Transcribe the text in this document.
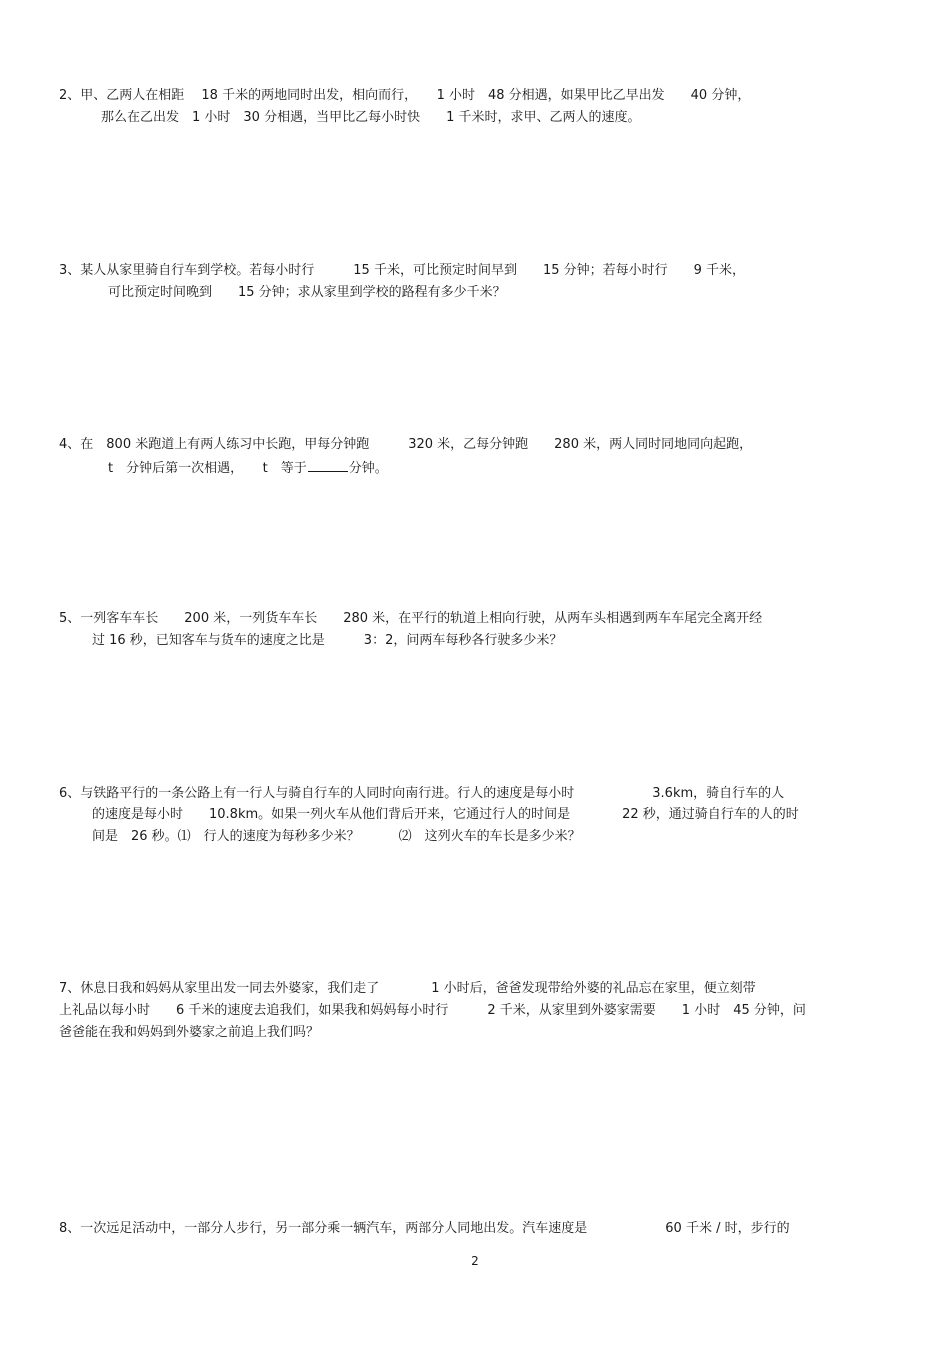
2、甲、乙两人在相距　 18 千米的两地同时出发，相向而行，　　1 小时　48 分相遇，如果甲比乙早出发　　40 分钟，
那么在乙出发　1 小时　30 分相遇，当甲比乙每小时快　　1 千米时，求甲、乙两人的速度。
3、某人从家里骑自行车到学校。若每小时行　　　15 千米，可比预定时间早到　　15 分钟；若每小时行　　9 千米，
可比预定时间晚到　　15 分钟；求从家里到学校的路程有多少千米？
4、在　800 米跑道上有两人练习中长跑，甲每分钟跑　　　320 米，乙每分钟跑　　280 米，两人同时同地同向起跑，
t　分钟后第一次相遇，　　t　等于	分钟。
5、一列客车车长　　200 米，一列货车车长　　280 米，在平行的轨道上相向行驶，从两车头相遇到两车车尾完全离开经
过 16 秒，已知客车与货车的速度之比是　　　3：2，问两车每秒各行驶多少米？
6、与铁路平行的一条公路上有一行人与骑自行车的人同时向南行进。行人的速度是每小时　　　　　　3.6km，骑自行车的人
的速度是每小时　　10.8km。如果一列火车从他们背后开来，它通过行人的时间是　　　　22 秒，通过骑自行车的人的时
间是　26 秒。⑴　行人的速度为每秒多少米？　　　⑵　这列火车的车长是多少米？
7、休息日我和妈妈从家里出发一同去外婆家，我们走了　　　　1 小时后，爸爸发现带给外婆的礼品忘在家里，便立刻带
上礼品以每小时　　6 千米的速度去追我们，如果我和妈妈每小时行　　　2 千米，从家里到外婆家需要　　1 小时　45 分钟，问
爸爸能在我和妈妈到外婆家之前追上我们吗？
8、一次远足活动中，一部分人步行，另一部分乘一辆汽车，两部分人同地出发。汽车速度是　　　　　　60 千米 / 时，步行的
2
